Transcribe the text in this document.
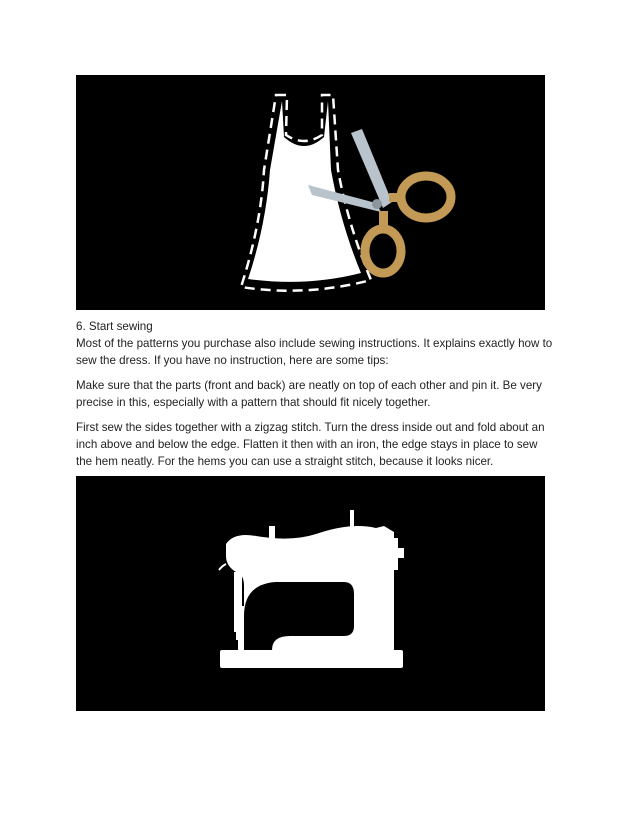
6. Start sewing

Most of the patterns you purchase also include sewing instructions. It explains exactly how to sew the dress. If you have no instruction, here are some tips:

Make sure that the parts (front and back) are neatly on top of each other and pin it. Be very precise in this, especially with a pattern that should fit nicely together.

First sew the sides together with a zigzag stitch. Turn the dress inside out and fold about an inch above and below the edge. Flatten it then with an iron, the edge stays in place to sew the hem neatly. For the hems you can use a straight stitch, because it looks nicer.
